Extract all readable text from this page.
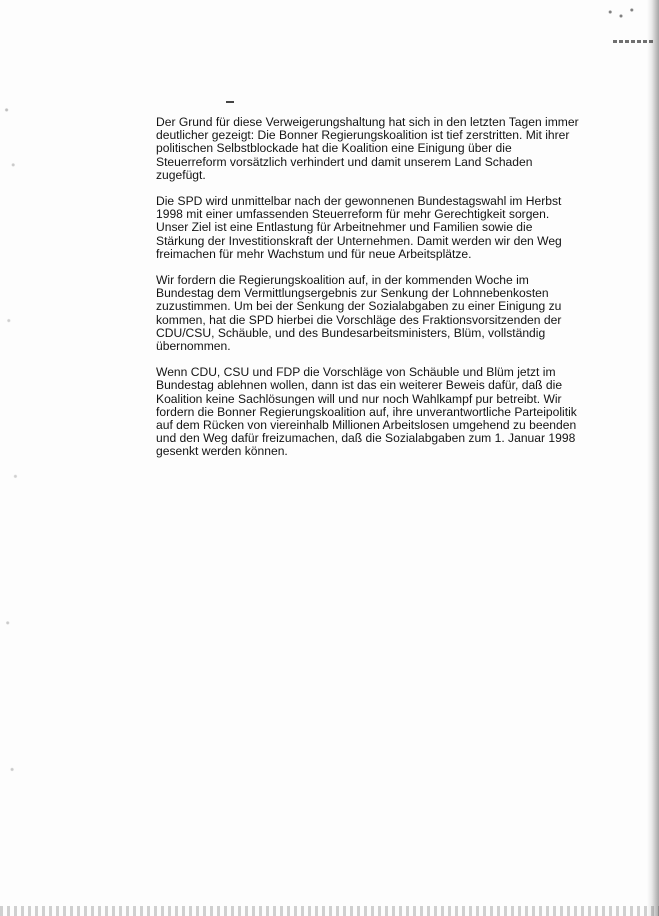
Der Grund für diese Verweigerungshaltung hat sich in den letzten Tagen immer
deutlicher gezeigt: Die Bonner Regierungskoalition ist tief zerstritten. Mit ihrer
politischen Selbstblockade hat die Koalition eine Einigung über die
Steuerreform vorsätzlich verhindert und damit unserem Land Schaden
zugefügt.

Die SPD wird unmittelbar nach der gewonnenen Bundestagswahl im Herbst
1998 mit einer umfassenden Steuerreform für mehr Gerechtigkeit sorgen.
Unser Ziel ist eine Entlastung für Arbeitnehmer und Familien sowie die
Stärkung der Investitionskraft der Unternehmen. Damit werden wir den Weg
freimachen für mehr Wachstum und für neue Arbeitsplätze.

Wir fordern die Regierungskoalition auf, in der kommenden Woche im
Bundestag dem Vermittlungsergebnis zur Senkung der Lohnnebenkosten
zuzustimmen. Um bei der Senkung der Sozialabgaben zu einer Einigung zu
kommen, hat die SPD hierbei die Vorschläge des Fraktionsvorsitzenden der
CDU/CSU, Schäuble, und des Bundesarbeitsministers, Blüm, vollständig
übernommen.

Wenn CDU, CSU und FDP die Vorschläge von Schäuble und Blüm jetzt im
Bundestag ablehnen wollen, dann ist das ein weiterer Beweis dafür, daß die
Koalition keine Sachlösungen will und nur noch Wahlkampf pur betreibt. Wir
fordern die Bonner Regierungskoalition auf, ihre unverantwortliche Parteipolitik
auf dem Rücken von viereinhalb Millionen Arbeitslosen umgehend zu beenden
und den Weg dafür freizumachen, daß die Sozialabgaben zum 1. Januar 1998
gesenkt werden können.
